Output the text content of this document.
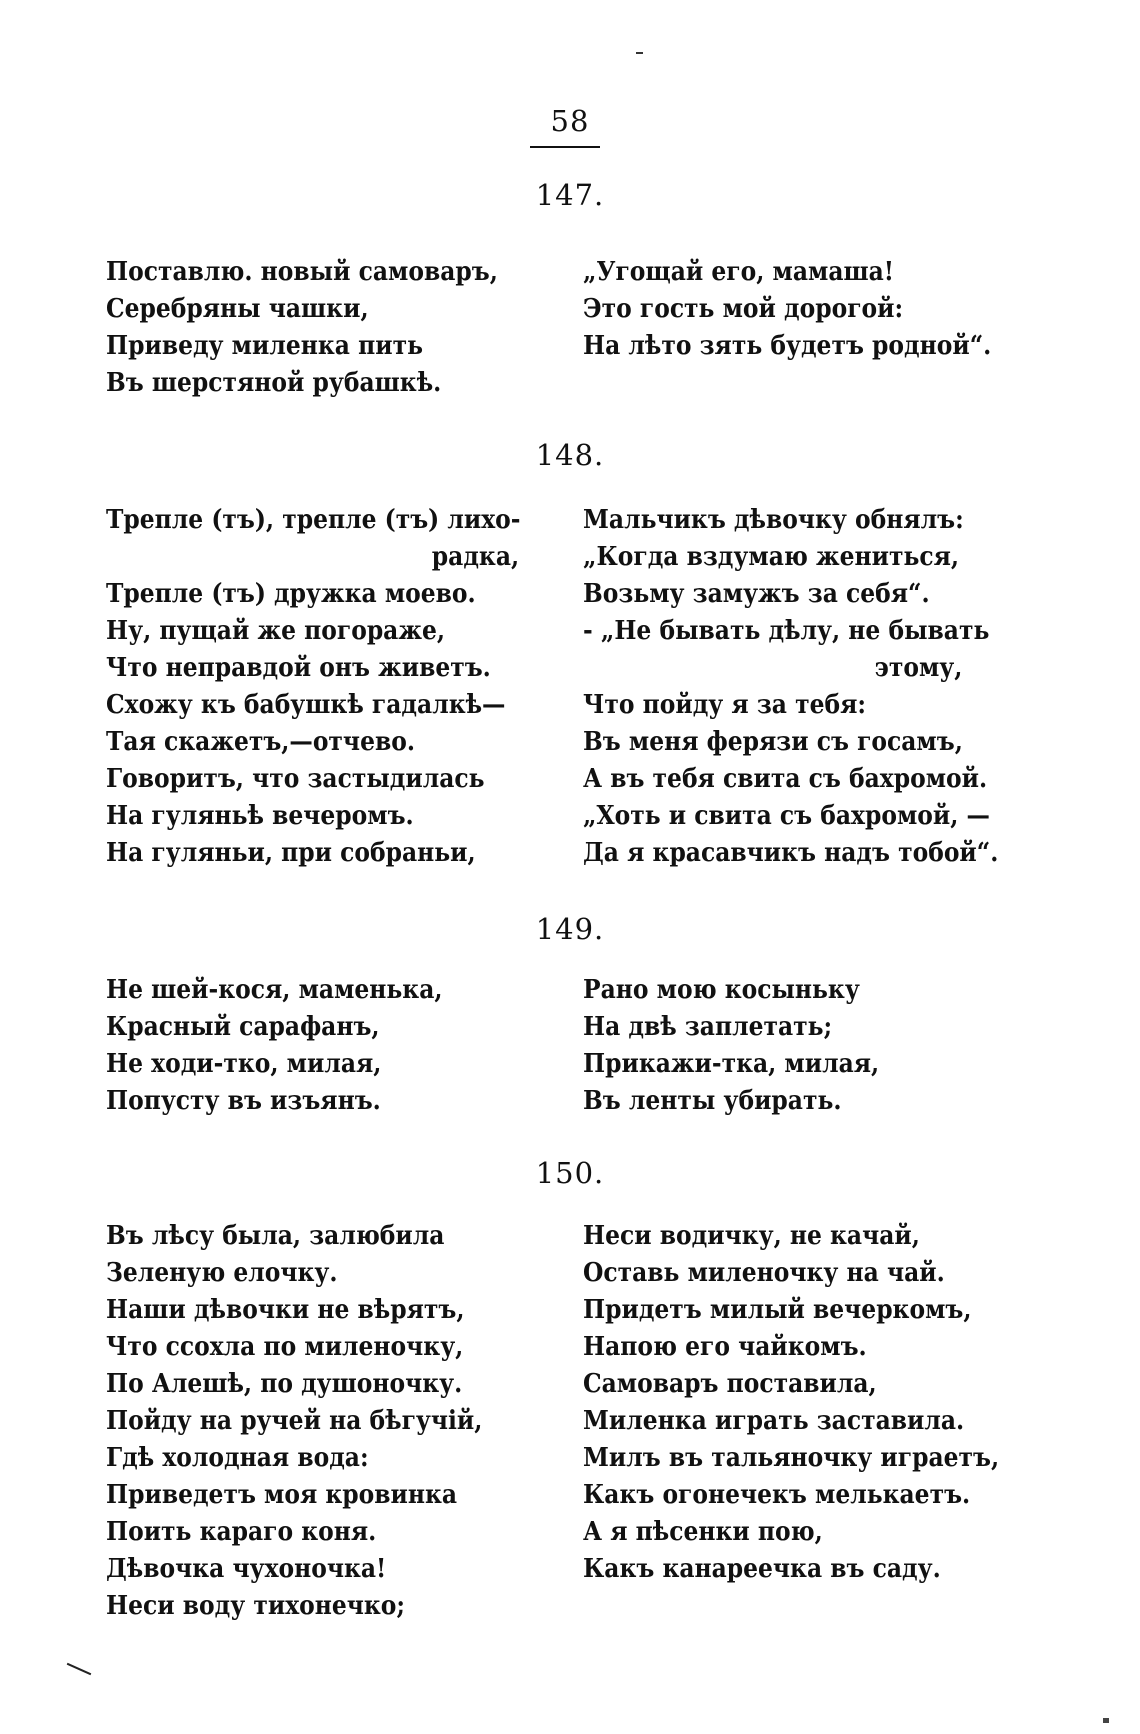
58
147.
Поставлю. новый самоваръ,
Серебряны чашки,
Приведу миленка пить
Въ шерстяной рубашкѣ.
„Угощай его, мамаша!
Это гость мой дорогой:
На лѣто зять будетъ родной“.
148.
Трепле (тъ), трепле (тъ) лихо-
радка,
Трепле (тъ) дружка моево.
Ну, пущай же погораже,
Что неправдой онъ живетъ.
Схожу къ бабушкѣ гадалкѣ—
Тая скажетъ,—отчево.
Говоритъ, что застыдилась
На гуляньѣ вечеромъ.
На гуляньи, при собраньи,
Мальчикъ дѣвочку обнялъ:
„Когда вздумаю жениться,
Возьму замужъ за себя“.
- „Не бывать дѣлу, не бывать
этому,
Что пойду я за тебя:
Въ меня ферязи съ госамъ,
А въ тебя свита съ бахромой.
„Хоть и свита съ бахромой, —
Да я красавчикъ надъ тобой“.
149.
Не шей-кося, маменька,
Красный сарафанъ,
Не ходи-тко, милая,
Попусту въ изъянъ.
Рано мою косыньку
На двѣ заплетать;
Прикажи-тка, милая,
Въ ленты убирать.
150.
Въ лѣсу была, залюбила
Зеленую елочку.
Наши дѣвочки не вѣрятъ,
Что ссохла по миленочку,
По Алешѣ, по душоночку.
Пойду на ручей на бѣгучій,
Гдѣ холодная вода:
Приведетъ моя кровинка
Поить караго коня.
Дѣвочка чухоночка!
Неси воду тихонечко;
Неси водичку, не качай,
Оставь миленочку на чай.
Придетъ милый вечеркомъ,
Напою его чайкомъ.
Самоваръ поставила,
Миленка играть заставила.
Милъ въ тальяночку играетъ,
Какъ огонечекъ мелькаетъ.
А я пѣсенки пою,
Какъ канареечка въ саду.
